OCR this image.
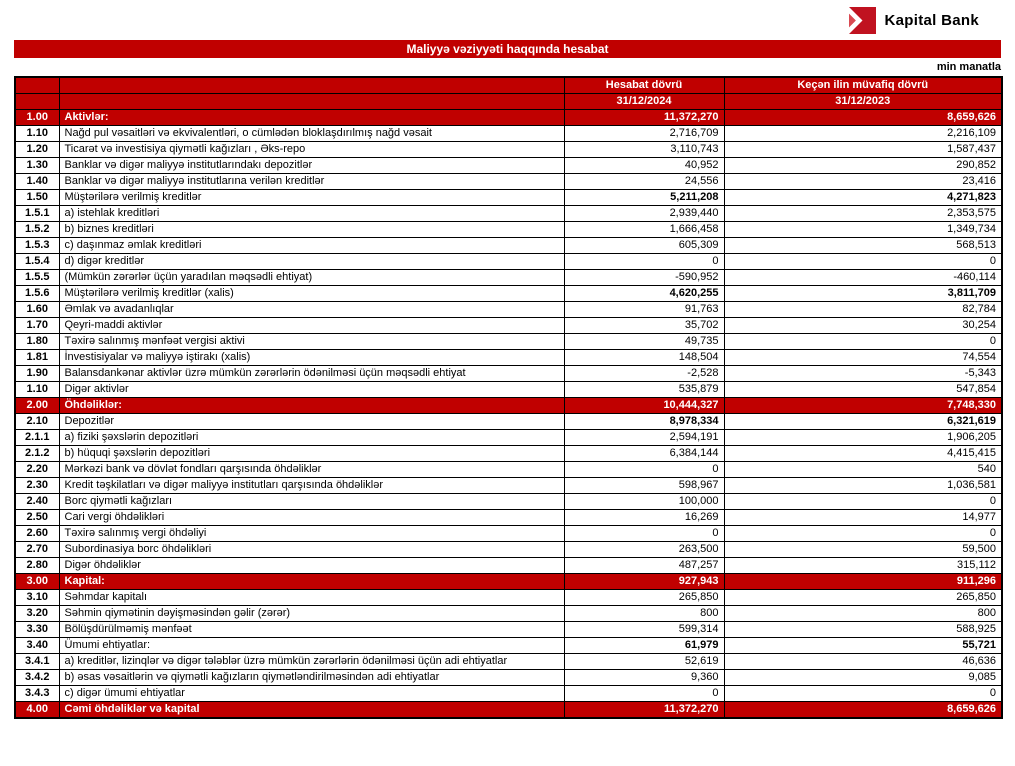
Kapital Bank
Maliyyə vəziyyəti haqqında hesabat
min manatla
		Hesabat dövrü	Keçən ilin müvafiq dövrü
		31/12/2024	31/12/2023
1.00	Aktivlər:	11,372,270	8,659,626
1.10	Nağd pul vəsaitləri və ekvivalentləri, o cümlədən bloklaşdırılmış nağd vəsait	2,716,709	2,216,109
1.20	Ticarət və investisiya qiymətli kağızları , Əks-repo	3,110,743	1,587,437
1.30	Banklar və digər maliyyə institutlarındakı depozitlər	40,952	290,852
1.40	Banklar və digər maliyyə institutlarına verilən kreditlər	24,556	23,416
1.50	Müştərilərə verilmiş kreditlər	5,211,208	4,271,823
1.5.1	a) istehlak kreditləri	2,939,440	2,353,575
1.5.2	b) biznes kreditləri	1,666,458	1,349,734
1.5.3	c) daşınmaz əmlak kreditləri	605,309	568,513
1.5.4	d) digər kreditlər	0	0
1.5.5	(Mümkün zərərlər üçün yaradılan məqsədli ehtiyat)	-590,952	-460,114
1.5.6	Müştərilərə verilmiş kreditlər (xalis)	4,620,255	3,811,709
1.60	Əmlak və avadanlıqlar	91,763	82,784
1.70	Qeyri-maddi aktivlər	35,702	30,254
1.80	Təxirə salınmış mənfəət vergisi aktivi	49,735	0
1.81	İnvestisiyalar və maliyyə iştirakı (xalis)	148,504	74,554
1.90	Balansdankənar aktivlər üzrə mümkün zərərlərin ödənilməsi üçün məqsədli ehtiyat	-2,528	-5,343
1.10	Digər aktivlər	535,879	547,854
2.00	Öhdəliklər:	10,444,327	7,748,330
2.10	Depozitlər	8,978,334	6,321,619
2.1.1	a) fiziki şəxslərin depozitləri	2,594,191	1,906,205
2.1.2	b) hüquqi şəxslərin depozitləri	6,384,144	4,415,415
2.20	Mərkəzi bank və dövlət fondları qarşısında öhdəliklər	0	540
2.30	Kredit təşkilatları və digər maliyyə institutları qarşısında öhdəliklər	598,967	1,036,581
2.40	Borc qiymətli kağızları	100,000	0
2.50	Cari vergi öhdəlikləri	16,269	14,977
2.60	Təxirə salınmış vergi öhdəliyi	0	0
2.70	Subordinasiya borc öhdəlikləri	263,500	59,500
2.80	Digər öhdəliklər	487,257	315,112
3.00	Kapital:	927,943	911,296
3.10	Səhmdar kapitalı	265,850	265,850
3.20	Səhmin qiymətinin dəyişməsindən gəlir (zərər)	800	800
3.30	Bölüşdürülməmiş mənfəət	599,314	588,925
3.40	Ümumi ehtiyatlar:	61,979	55,721
3.4.1	a) kreditlər, lizinqlər və digər tələblər üzrə mümkün zərərlərin ödənilməsi üçün adi ehtiyatlar	52,619	46,636
3.4.2	b) əsas vəsaitlərin və qiymətli kağızların qiymətləndirilməsindən adi ehtiyatlar	9,360	9,085
3.4.3	c) digər ümumi ehtiyatlar	0	0
4.00	Cəmi öhdəliklər və kapital	11,372,270	8,659,626
